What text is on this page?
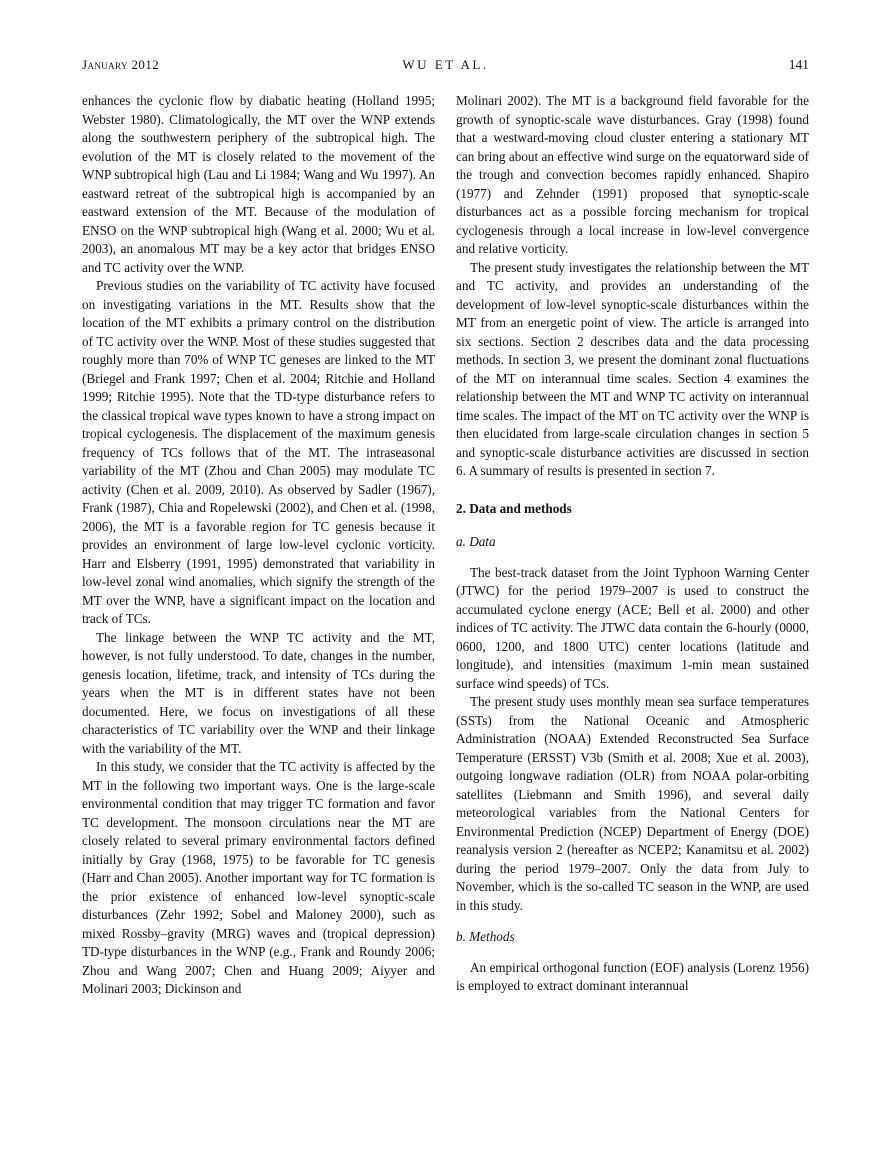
January 2012	WU ET AL.	141

enhances the cyclonic flow by diabatic heating (Holland 1995; Webster 1980). Climatologically, the MT over the WNP extends along the southwestern periphery of the subtropical high. The evolution of the MT is closely related to the movement of the WNP subtropical high (Lau and Li 1984; Wang and Wu 1997). An eastward retreat of the subtropical high is accompanied by an eastward extension of the MT. Because of the modulation of ENSO on the WNP subtropical high (Wang et al. 2000; Wu et al. 2003), an anomalous MT may be a key actor that bridges ENSO and TC activity over the WNP.

Previous studies on the variability of TC activity have focused on investigating variations in the MT. Results show that the location of the MT exhibits a primary control on the distribution of TC activity over the WNP. Most of these studies suggested that roughly more than 70% of WNP TC geneses are linked to the MT (Briegel and Frank 1997; Chen et al. 2004; Ritchie and Holland 1999; Ritchie 1995). Note that the TD-type disturbance refers to the classical tropical wave types known to have a strong impact on tropical cyclogenesis. The displacement of the maximum genesis frequency of TCs follows that of the MT. The intraseasonal variability of the MT (Zhou and Chan 2005) may modulate TC activity (Chen et al. 2009, 2010). As observed by Sadler (1967), Frank (1987), Chia and Ropelewski (2002), and Chen et al. (1998, 2006), the MT is a favorable region for TC genesis because it provides an environment of large low-level cyclonic vorticity. Harr and Elsberry (1991, 1995) demonstrated that variability in low-level zonal wind anomalies, which signify the strength of the MT over the WNP, have a significant impact on the location and track of TCs.

The linkage between the WNP TC activity and the MT, however, is not fully understood. To date, changes in the number, genesis location, lifetime, track, and intensity of TCs during the years when the MT is in different states have not been documented. Here, we focus on investigations of all these characteristics of TC variability over the WNP and their linkage with the variability of the MT.

In this study, we consider that the TC activity is affected by the MT in the following two important ways. One is the large-scale environmental condition that may trigger TC formation and favor TC development. The monsoon circulations near the MT are closely related to several primary environmental factors defined initially by Gray (1968, 1975) to be favorable for TC genesis (Harr and Chan 2005). Another important way for TC formation is the prior existence of enhanced low-level synoptic-scale disturbances (Zehr 1992; Sobel and Maloney 2000), such as mixed Rossby–gravity (MRG) waves and (tropical depression) TD-type disturbances in the WNP (e.g., Frank and Roundy 2006; Zhou and Wang 2007; Chen and Huang 2009; Aiyyer and Molinari 2003; Dickinson and

Molinari 2002). The MT is a background field favorable for the growth of synoptic-scale wave disturbances. Gray (1998) found that a westward-moving cloud cluster entering a stationary MT can bring about an effective wind surge on the equatorward side of the trough and convection becomes rapidly enhanced. Shapiro (1977) and Zehnder (1991) proposed that synoptic-scale disturbances act as a possible forcing mechanism for tropical cyclogenesis through a local increase in low-level convergence and relative vorticity.

The present study investigates the relationship between the MT and TC activity, and provides an understanding of the development of low-level synoptic-scale disturbances within the MT from an energetic point of view. The article is arranged into six sections. Section 2 describes data and the data processing methods. In section 3, we present the dominant zonal fluctuations of the MT on interannual time scales. Section 4 examines the relationship between the MT and WNP TC activity on interannual time scales. The impact of the MT on TC activity over the WNP is then elucidated from large-scale circulation changes in section 5 and synoptic-scale disturbance activities are discussed in section 6. A summary of results is presented in section 7.

2. Data and methods
a. Data

The best-track dataset from the Joint Typhoon Warning Center (JTWC) for the period 1979–2007 is used to construct the accumulated cyclone energy (ACE; Bell et al. 2000) and other indices of TC activity. The JTWC data contain the 6-hourly (0000, 0600, 1200, and 1800 UTC) center locations (latitude and longitude), and intensities (maximum 1-min mean sustained surface wind speeds) of TCs.

The present study uses monthly mean sea surface temperatures (SSTs) from the National Oceanic and Atmospheric Administration (NOAA) Extended Reconstructed Sea Surface Temperature (ERSST) V3b (Smith et al. 2008; Xue et al. 2003), outgoing longwave radiation (OLR) from NOAA polar-orbiting satellites (Liebmann and Smith 1996), and several daily meteorological variables from the National Centers for Environmental Prediction (NCEP) Department of Energy (DOE) reanalysis version 2 (hereafter as NCEP2; Kanamitsu et al. 2002) during the period 1979–2007. Only the data from July to November, which is the so-called TC season in the WNP, are used in this study.

b. Methods

An empirical orthogonal function (EOF) analysis (Lorenz 1956) is employed to extract dominant interannual
